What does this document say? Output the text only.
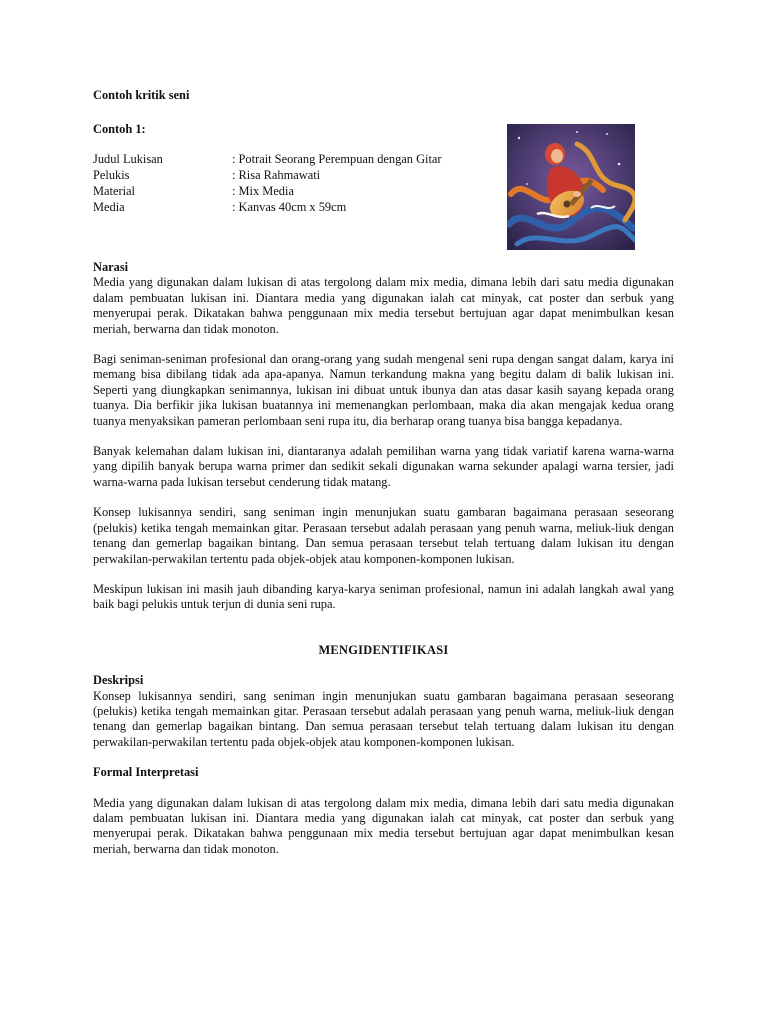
Contoh kritik seni

Contoh 1:

Judul Lukisan	: Potrait Seorang Perempuan dengan Gitar
Pelukis	: Risa Rahmawati
Material	: Mix Media
Media	: Kanvas 40cm x 59cm

Narasi

Media yang digunakan dalam lukisan di atas tergolong dalam mix media, dimana lebih dari satu media digunakan dalam pembuatan lukisan ini. Diantara media yang digunakan ialah cat minyak, cat poster dan serbuk yang menyerupai perak. Dikatakan bahwa penggunaan mix media tersebut bertujuan agar dapat menimbulkan kesan meriah, berwarna dan tidak monoton.

Bagi seniman-seniman profesional dan orang-orang yang sudah mengenal seni rupa dengan sangat dalam, karya ini memang bisa dibilang tidak ada apa-apanya. Namun terkandung makna yang begitu dalam di balik lukisan ini. Seperti yang diungkapkan senimannya, lukisan ini dibuat untuk ibunya dan atas dasar kasih sayang kepada orang tuanya. Dia berfikir jika lukisan buatannya ini memenangkan perlombaan, maka dia akan mengajak kedua orang tuanya menyaksikan pameran perlombaan seni rupa itu, dia berharap orang tuanya bisa bangga kepadanya.

Banyak kelemahan dalam lukisan ini, diantaranya adalah pemilihan warna yang tidak variatif karena warna-warna yang dipilih banyak berupa warna primer dan sedikit sekali digunakan warna sekunder apalagi warna tersier, jadi warna-warna pada lukisan tersebut cenderung tidak matang.

Konsep lukisannya sendiri, sang seniman ingin menunjukan suatu gambaran bagaimana perasaan seseorang (pelukis) ketika tengah memainkan gitar. Perasaan tersebut adalah perasaan yang penuh warna, meliuk-liuk dengan tenang dan gemerlap bagaikan bintang. Dan semua perasaan tersebut telah tertuang dalam lukisan itu dengan perwakilan-perwakilan tertentu pada objek-objek atau komponen-komponen lukisan.

Meskipun lukisan ini masih jauh dibanding karya-karya seniman profesional, namun ini adalah langkah awal yang baik bagi pelukis untuk terjun di dunia seni rupa.

MENGIDENTIFIKASI

Deskripsi

Konsep lukisannya sendiri, sang seniman ingin menunjukan suatu gambaran bagaimana perasaan seseorang (pelukis) ketika tengah memainkan gitar. Perasaan tersebut adalah perasaan yang penuh warna, meliuk-liuk dengan tenang dan gemerlap bagaikan bintang. Dan semua perasaan tersebut telah tertuang dalam lukisan itu dengan perwakilan-perwakilan tertentu pada objek-objek atau komponen-komponen lukisan.

Formal Interpretasi

Media yang digunakan dalam lukisan di atas tergolong dalam mix media, dimana lebih dari satu media digunakan dalam pembuatan lukisan ini. Diantara media yang digunakan ialah cat minyak, cat poster dan serbuk yang menyerupai perak. Dikatakan bahwa penggunaan mix media tersebut bertujuan agar dapat menimbulkan kesan meriah, berwarna dan tidak monoton.
